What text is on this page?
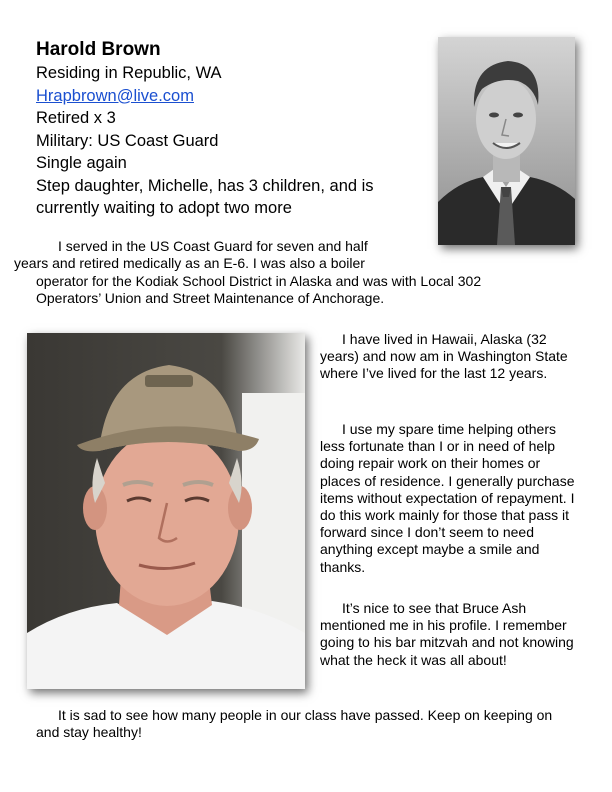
Harold Brown
Residing in Republic, WA
Hrapbrown@live.com
Retired x 3
Military: US Coast Guard
Single again
Step daughter, Michelle, has 3 children, and is
currently waiting to adopt two more
I served in the US Coast Guard for seven and half
years and retired medically as an E-6. I was also a boiler
operator for the Kodiak School District in Alaska and was with Local 302
Operators’ Union and Street Maintenance of Anchorage.
I have lived in Hawaii, Alaska (32 years) and now am in Washington State where I’ve lived for the last 12 years.
I use my spare time helping others less fortunate than I or in need of help doing repair work on their homes or places of residence. I generally purchase items without expectation of repayment. I do this work mainly for those that pass it forward since I don’t seem to need anything except maybe a smile and thanks.
It’s nice to see that Bruce Ash mentioned me in his profile. I remember going to his bar mitzvah and not knowing what the heck it was all about!
It is sad to see how many people in our class have passed. Keep on keeping on and stay healthy!
